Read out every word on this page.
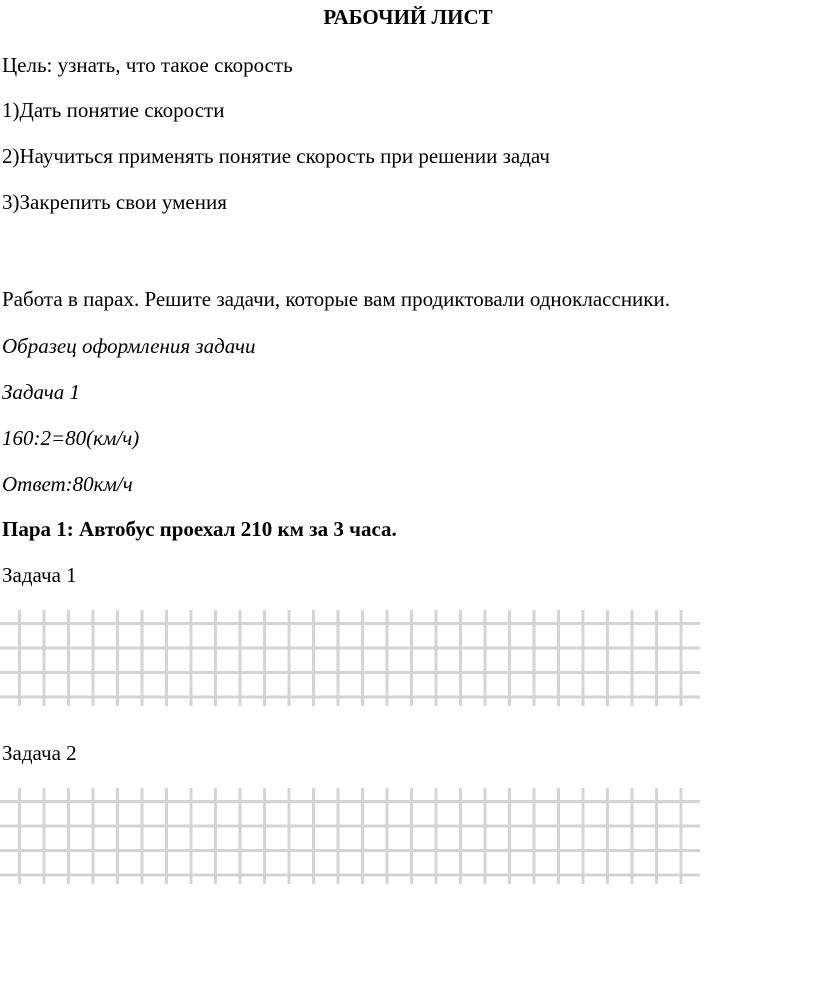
РАБОЧИЙ ЛИСТ
Цель: узнать, что такое скорость
1)Дать понятие скорости
2)Научиться применять понятие скорость при решении задач
3)Закрепить свои умения
Работа в парах. Решите задачи, которые вам продиктовали одноклассники.
Образец оформления задачи
Задача 1
160:2=80(км/ч)
Ответ:80км/ч
Пара 1: Автобус проехал 210 км за 3 часа.
Задача 1
Задача 2
